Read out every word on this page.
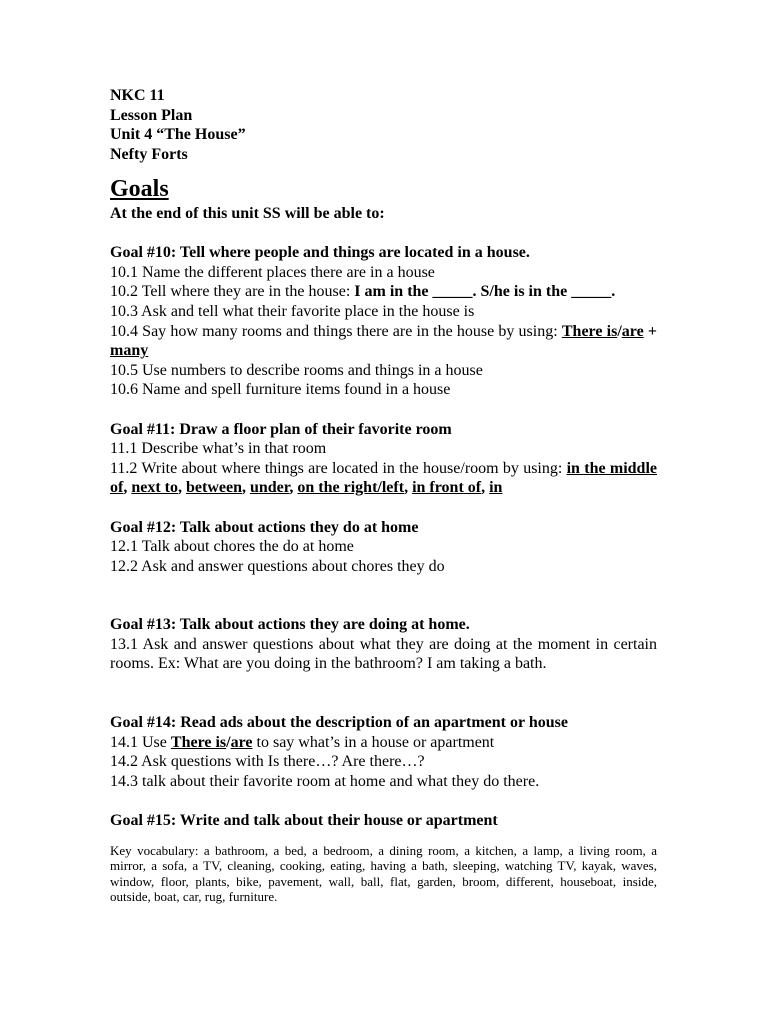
NKC 11
Lesson Plan
Unit 4 “The House”
Nefty Forts
Goals

At the end of this unit SS will be able to:

Goal #10: Tell where people and things are located in a house.

10.1 Name the different places there are in a house

10.2 Tell where they are in the house: I am in the _____. S/he is in the _____.

10.3 Ask and tell what their favorite place in the house is

10.4 Say how many rooms and things there are in the house by using: There is/are + many

10.5 Use numbers to describe rooms and things in a house

10.6 Name and spell furniture items found in a house

Goal #11: Draw a floor plan of their favorite room

11.1 Describe what’s in that room

11.2 Write about where things are located in the house/room by using: in the middle of, next to, between, under, on the right/left, in front of, in

Goal #12: Talk about actions they do at home

12.1 Talk about chores the do at home

12.2 Ask and answer questions about chores they do

Goal #13: Talk about actions they are doing at home.

13.1 Ask and answer questions about what they are doing at the moment in certain rooms. Ex: What are you doing in the bathroom? I am taking a bath.

Goal #14: Read ads about the description of an apartment or house

14.1 Use There is/are to say what’s in a house or apartment

14.2 Ask questions with Is there…? Are there…?

14.3 talk about their favorite room at home and what they do there.

Goal #15: Write and talk about their house or apartment

Key vocabulary: a bathroom, a bed, a bedroom, a dining room, a kitchen, a lamp, a living room, a mirror, a sofa, a TV, cleaning, cooking, eating, having a bath, sleeping, watching TV, kayak, waves, window, floor, plants, bike, pavement, wall, ball, flat, garden, broom, different, houseboat, inside, outside, boat, car, rug, furniture.
